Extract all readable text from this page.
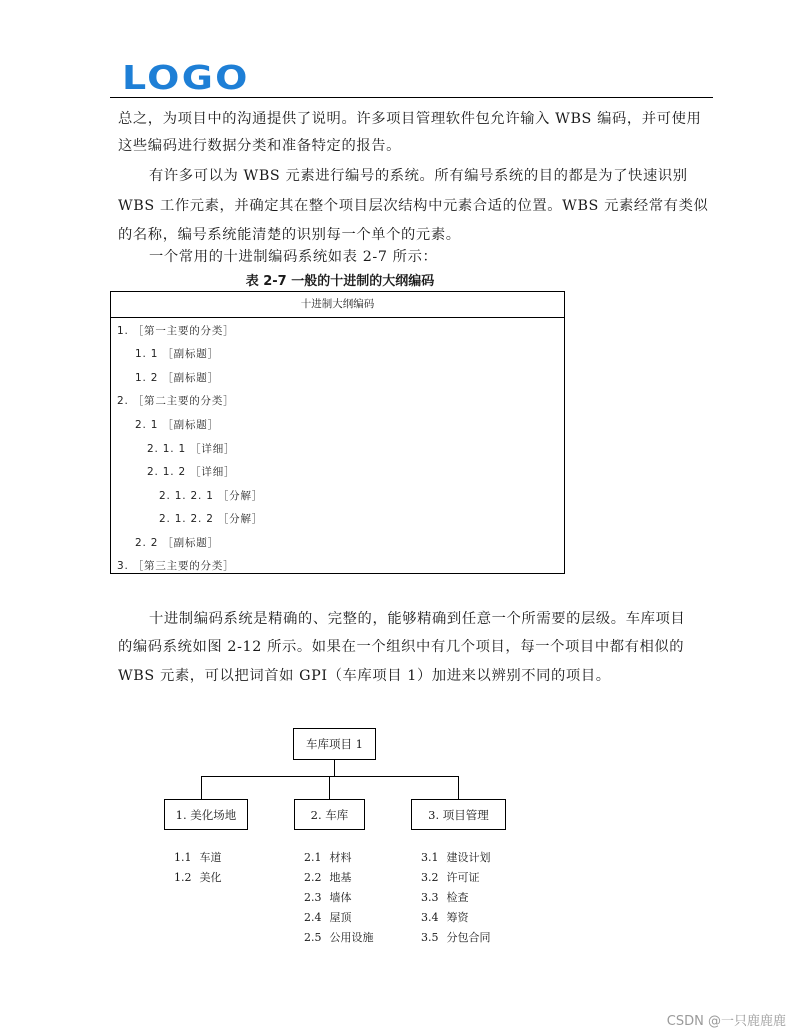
LOGO
总之，为项目中的沟通提供了说明。许多项目管理软件包允许输入 WBS 编码，并可使用
这些编码进行数据分类和准备特定的报告。
有许多可以为 WBS 元素进行编号的系统。所有编号系统的目的都是为了快速识别
WBS 工作元素，并确定其在整个项目层次结构中元素合适的位置。WBS 元素经常有类似
的名称，编号系统能清楚的识别每一个单个的元素。
一个常用的十进制编码系统如表 2-7 所示：
表 2-7 一般的十进制的大纲编码
十进制大纲编码
1. ［第一主要的分类］
1. 1 ［副标题］
1. 2 ［副标题］
2. ［第二主要的分类］
2. 1 ［副标题］
2. 1. 1 ［详细］
2. 1. 2 ［详细］
2. 1. 2. 1 ［分解］
2. 1. 2. 2 ［分解］
2. 2 ［副标题］
3. ［第三主要的分类］
十进制编码系统是精确的、完整的，能够精确到任意一个所需要的层级。车库项目
的编码系统如图 2-12 所示。如果在一个组织中有几个项目，每一个项目中都有相似的
WBS 元素，可以把词首如 GPI（车库项目 1）加进来以辨别不同的项目。
车库项目 1
1. 美化场地	2. 车库	3. 项目管理
1.1 车道
1.2 美化
2.1 材料
2.2 地基
2.3 墙体
2.4 屋顶
2.5 公用设施
3.1 建设计划
3.2 许可证
3.3 检查
3.4 筹资
3.5 分包合同
CSDN @一只鹿鹿鹿
